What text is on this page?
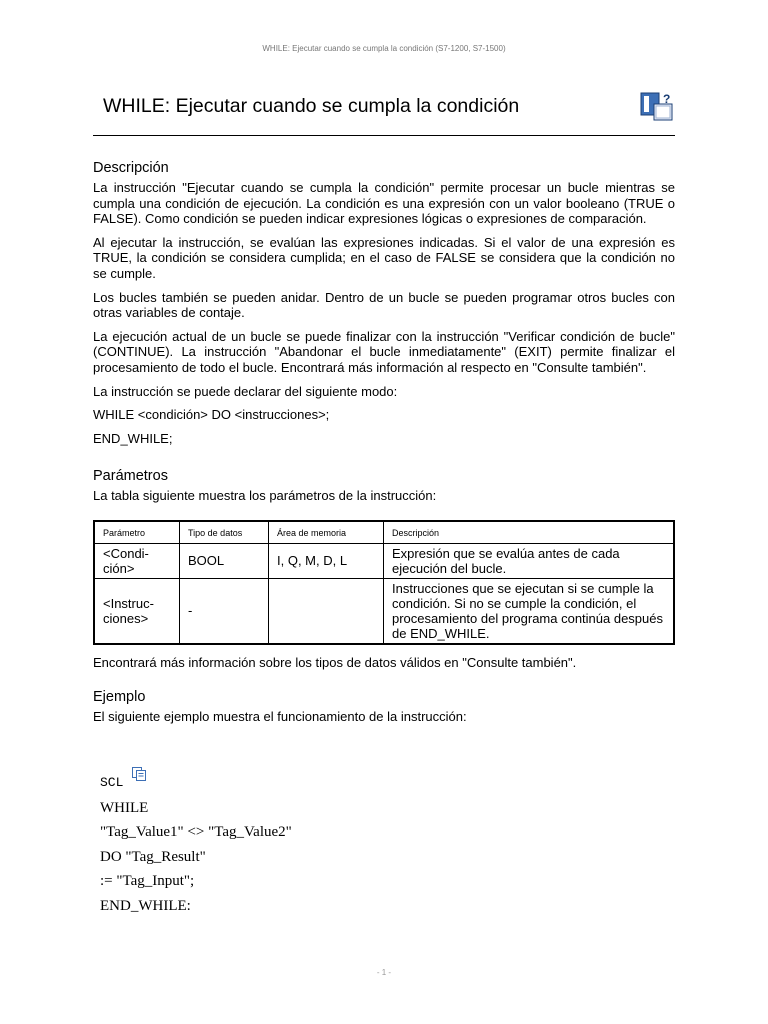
WHILE: Ejecutar cuando se cumpla la condición (S7-1200, S7-1500)
WHILE: Ejecutar cuando se cumpla la condición	?
Descripción

La instrucción "Ejecutar cuando se cumpla la condición" permite procesar un bucle mientras se cumpla una condición de ejecución. La condición es una expresión con un valor booleano (TRUE o FALSE). Como condición se pueden indicar expresiones lógicas o expresiones de comparación.

Al ejecutar la instrucción, se evalúan las expresiones indicadas. Si el valor de una expresión es TRUE, la condición se considera cumplida; en el caso de FALSE se considera que la condición no se cumple.

Los bucles también se pueden anidar. Dentro de un bucle se pueden programar otros bucles con otras variables de contaje.

La ejecución actual de un bucle se puede finalizar con la instrucción "Verificar condición de bucle" (CONTINUE). La instrucción "Abandonar el bucle inmediatamente" (EXIT) permite finalizar el procesamiento de todo el bucle. Encontrará más información al respecto en "Consulte también".

La instrucción se puede declarar del siguiente modo:

WHILE <condición> DO <instrucciones>;

END_WHILE;

Parámetros

La tabla siguiente muestra los parámetros de la instrucción:

Parámetro	Tipo de datos	Área de memoria	Descripción
<Condi-
ción>	BOOL	I, Q, M, D, L	Expresión que se evalúa antes de cada ejecución del bucle.
<Instruc-
ciones>	-		Instrucciones que se ejecutan si se cumple la condición. Si no se cumple la condición, el procesamiento del programa continúa después de END_WHILE.

Encontrará más información sobre los tipos de datos válidos en "Consulte también".

Ejemplo

El siguiente ejemplo muestra el funcionamiento de la instrucción:

SCL
WHILE
"Tag_Value1" <> "Tag_Value2"
DO "Tag_Result"
:= "Tag_Input";
END_WHILE:
- 1 -
